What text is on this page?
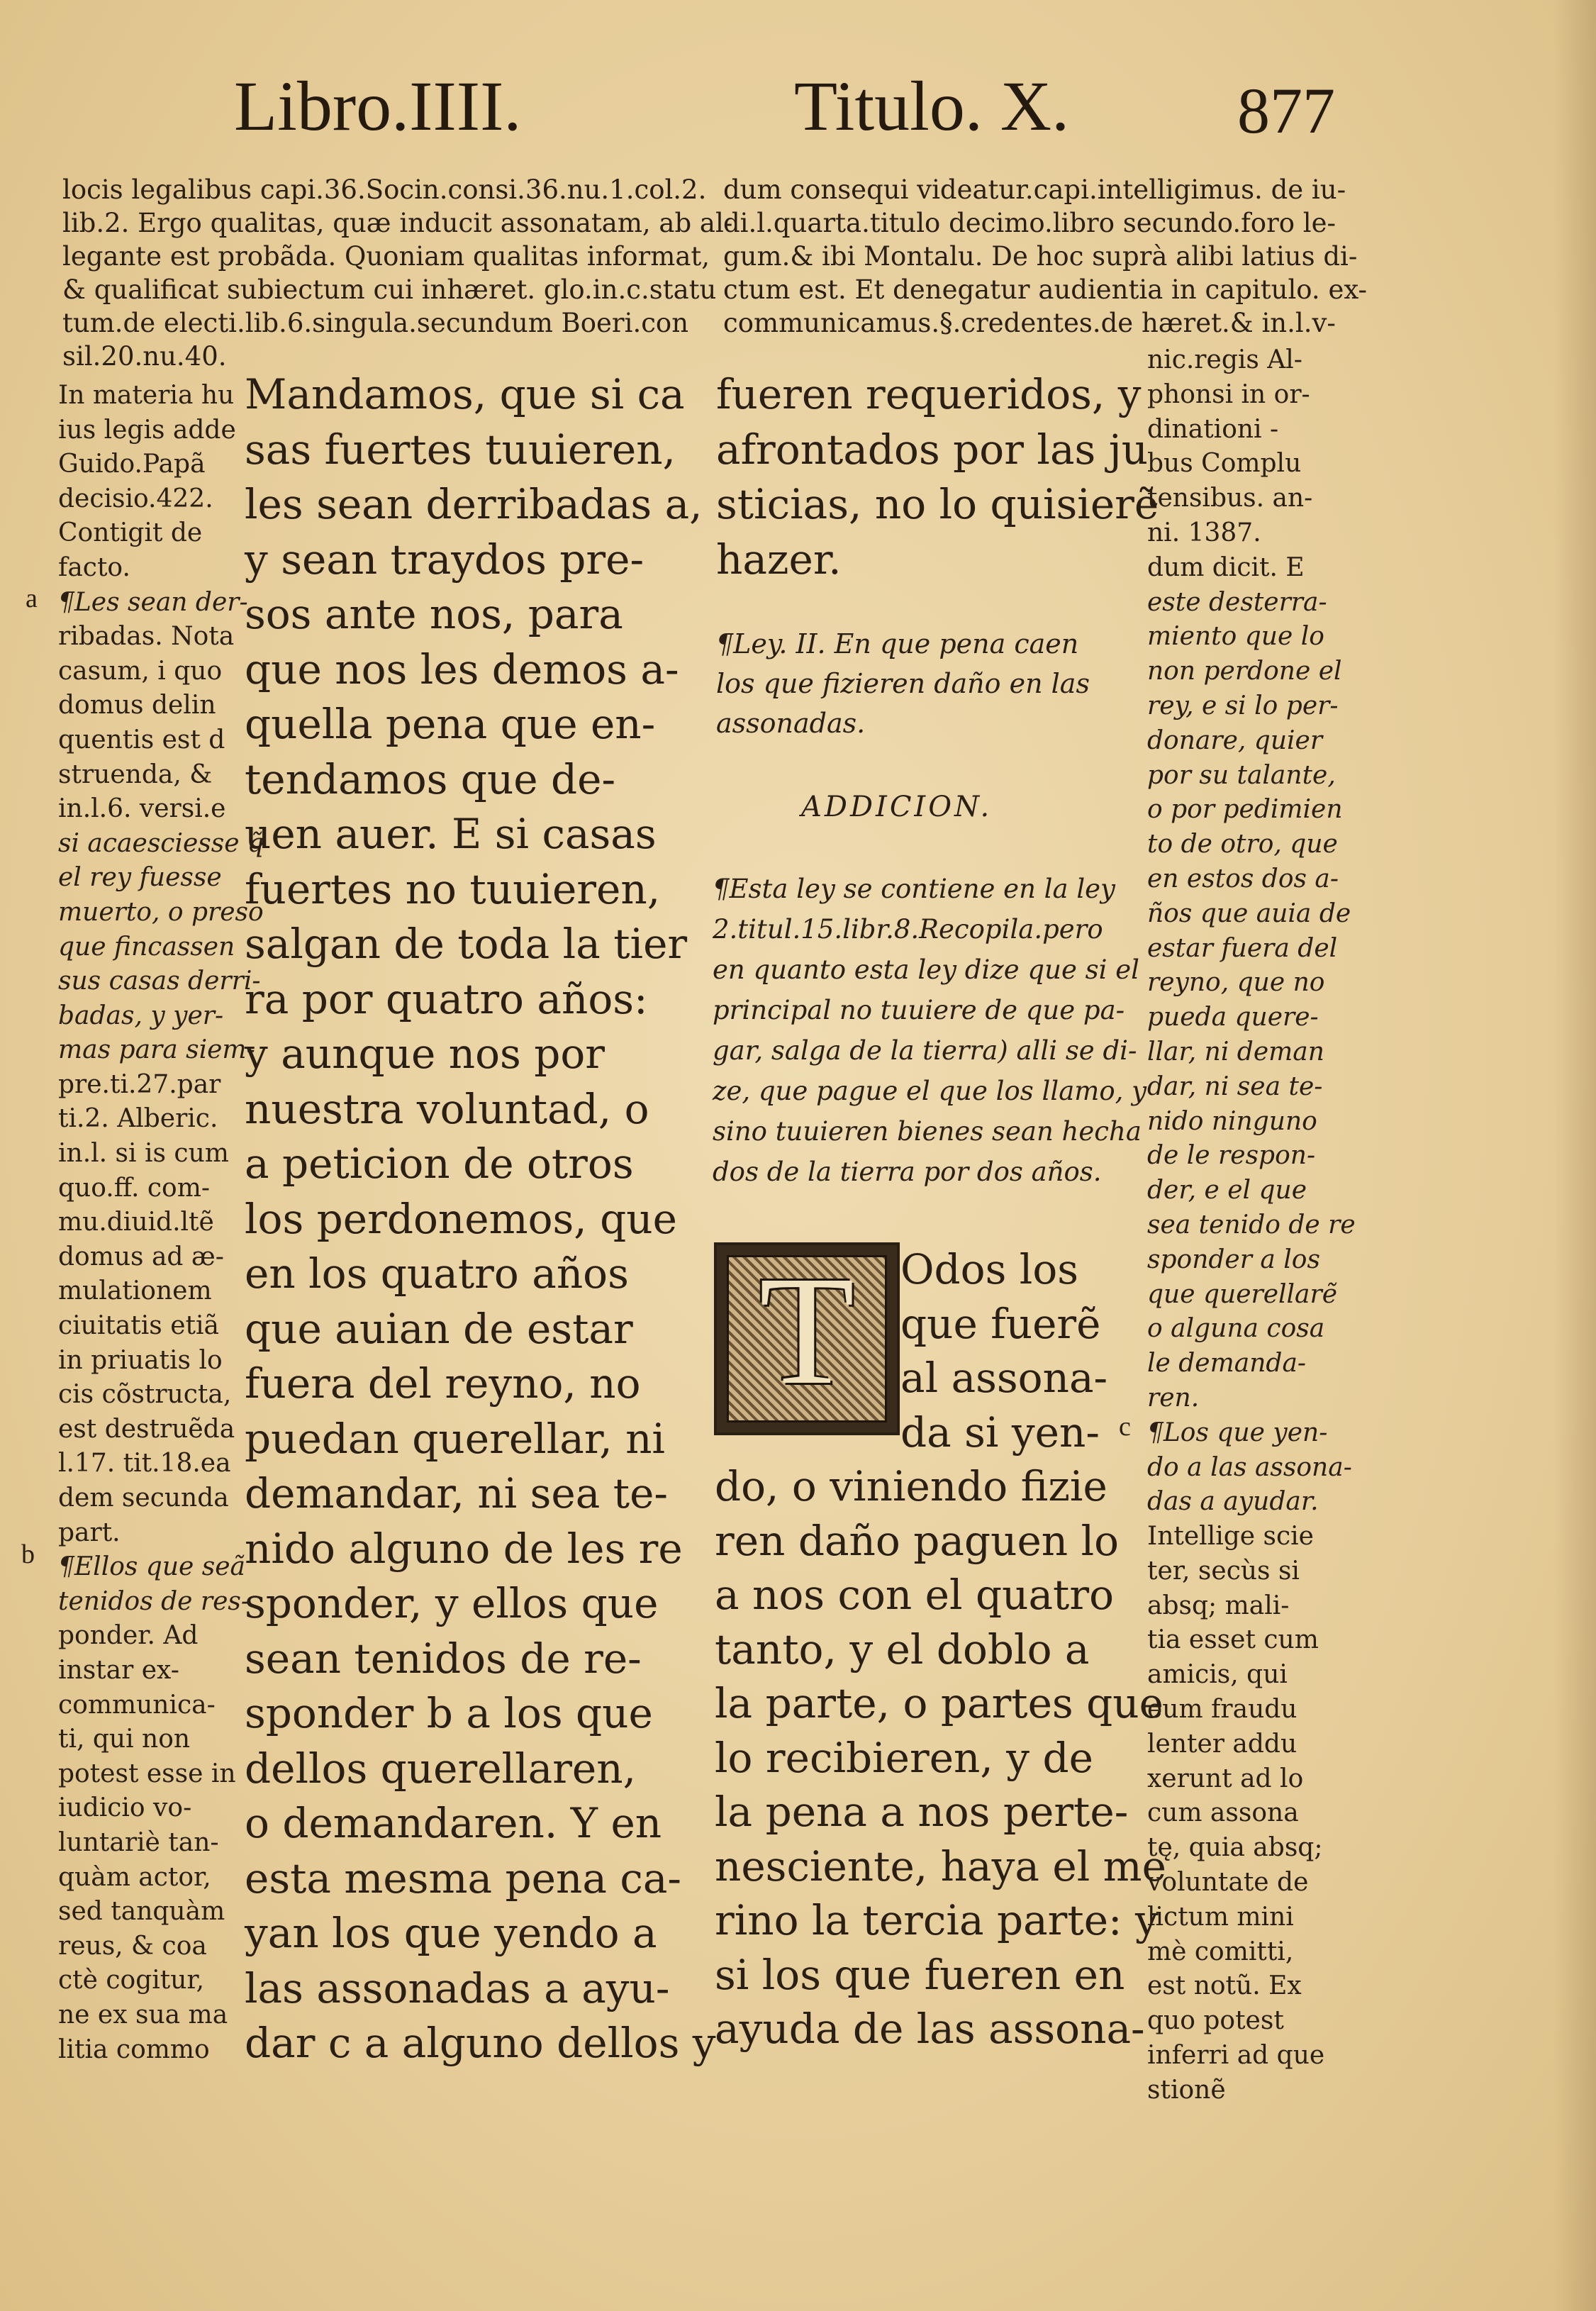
Libro.IIII.	Titulo. X.	877
locis legalibus capi.36.Socin.consi.36.nu.1.col.2.
lib.2. Ergo qualitas, quæ inducit assonatam, ab al-
legante est probãda. Quoniam qualitas informat,
& qualificat subiectum cui inhæret. glo.in.c.statu
tum.de electi.lib.6.singula.secundum Boeri.con
sil.20.nu.40.
dum consequi videatur.capi.intelligimus. de iu-
di.l.quarta.titulo decimo.libro secundo.foro le-
gum.& ibi Montalu. De hoc suprà alibi latius di-
ctum est. Et denegatur audientia in capitulo. ex-
communicamus.§.credentes.de hæret.& in.l.v-
In materia hu
ius legis adde
Guido.Papã
decisio.422.
Contigit de
facto.
¶Les sean der-
ribadas. Nota
casum, i quo
domus delin
quentis est d
struenda, &
in.l.6. versi.e
si acaesciesse q̃
el rey fuesse
muerto, o preso
que fincassen
sus casas derri-
badas, y yer-
mas para siem-
pre.ti.27.par
ti.2. Alberic.
in.l. si is cum
quo.ff. com-
mu.diuid.ltẽ
domus ad æ-
mulationem
ciuitatis etiã
in priuatis lo
cis cõstructa,
est destruẽda
l.17. tit.18.ea
dem secunda
part.
¶Ellos que seã
tenidos de res-
ponder. Ad
instar ex-
communica-
ti, qui non
potest esse in
iudicio vo-
luntariè tan-
quàm actor,
sed tanquàm
reus, & coa
ctè cogitur,
ne ex sua ma
litia commo
nic.regis Al-
phonsi in or-
dinationi -
bus Complu
tensibus. an-
ni. 1387.
dum dicit. E
este desterra-
miento que lo
non perdone el
rey, e si lo per-
donare, quier
por su talante,
o por pedimien
to de otro, que
en estos dos a-
ños que auia de
estar fuera del
reyno, que no
pueda quere-
llar, ni deman
dar, ni sea te-
nido ninguno
de le respon-
der, e el que
sea tenido de re
sponder a los
que querellarẽ
o alguna cosa
le demanda-
ren.
¶Los que yen-
do a las assona-
das a ayudar.
Intellige scie
ter, secùs si
absq; mali-
tia esset cum
amicis, qui
eum fraudu
lenter addu
xerunt ad lo
cum assona
tę, quia absq;
voluntate de
lictum mini
mè comitti,
est notũ. Ex
quo potest
inferri ad que
stionẽ
a
b
c
Mandamos, que si ca
sas fuertes tuuieren,
les sean derribadas a,
y sean traydos pre-
sos ante nos, para
que nos les demos a-
quella pena que en-
tendamos que de-
uen auer. E si casas
fuertes no tuuieren,
salgan de toda la tier
ra por quatro años:
y aunque nos por
nuestra voluntad, o
a peticion de otros
los perdonemos, que
en los quatro años
que auian de estar
fuera del reyno, no
puedan querellar, ni
demandar, ni sea te-
nido alguno de les re
sponder, y ellos que
sean tenidos de re-
sponder b a los que
dellos querellaren,
o demandaren. Y en
esta mesma pena ca-
yan los que yendo a
las assonadas a ayu-
dar c a alguno dellos y
fueren requeridos, y
afrontados por las ju
sticias, no lo quisierẽ
hazer.
¶Ley. II. En que pena caen
los que fizieren daño en las
assonadas.
ADDICION.
¶Esta ley se contiene en la ley
2.titul.15.libr.8.Recopila.pero
en quanto esta ley dize que si el
principal no tuuiere de que pa-
gar, salga de la tierra) alli se di-
ze, que pague el que los llamo, y
sino tuuieren bienes sean hecha
dos de la tierra por dos años.
T	Odos los
que fuerẽ
al assona-
da si yen-
do, o viniendo fizie
ren daño paguen lo
a nos con el quatro
tanto, y el doblo a
la parte, o partes que
lo recibieren, y de
la pena a nos perte-
nesciente, haya el me
rino la tercia parte: y
si los que fueren en
ayuda de las assona-
